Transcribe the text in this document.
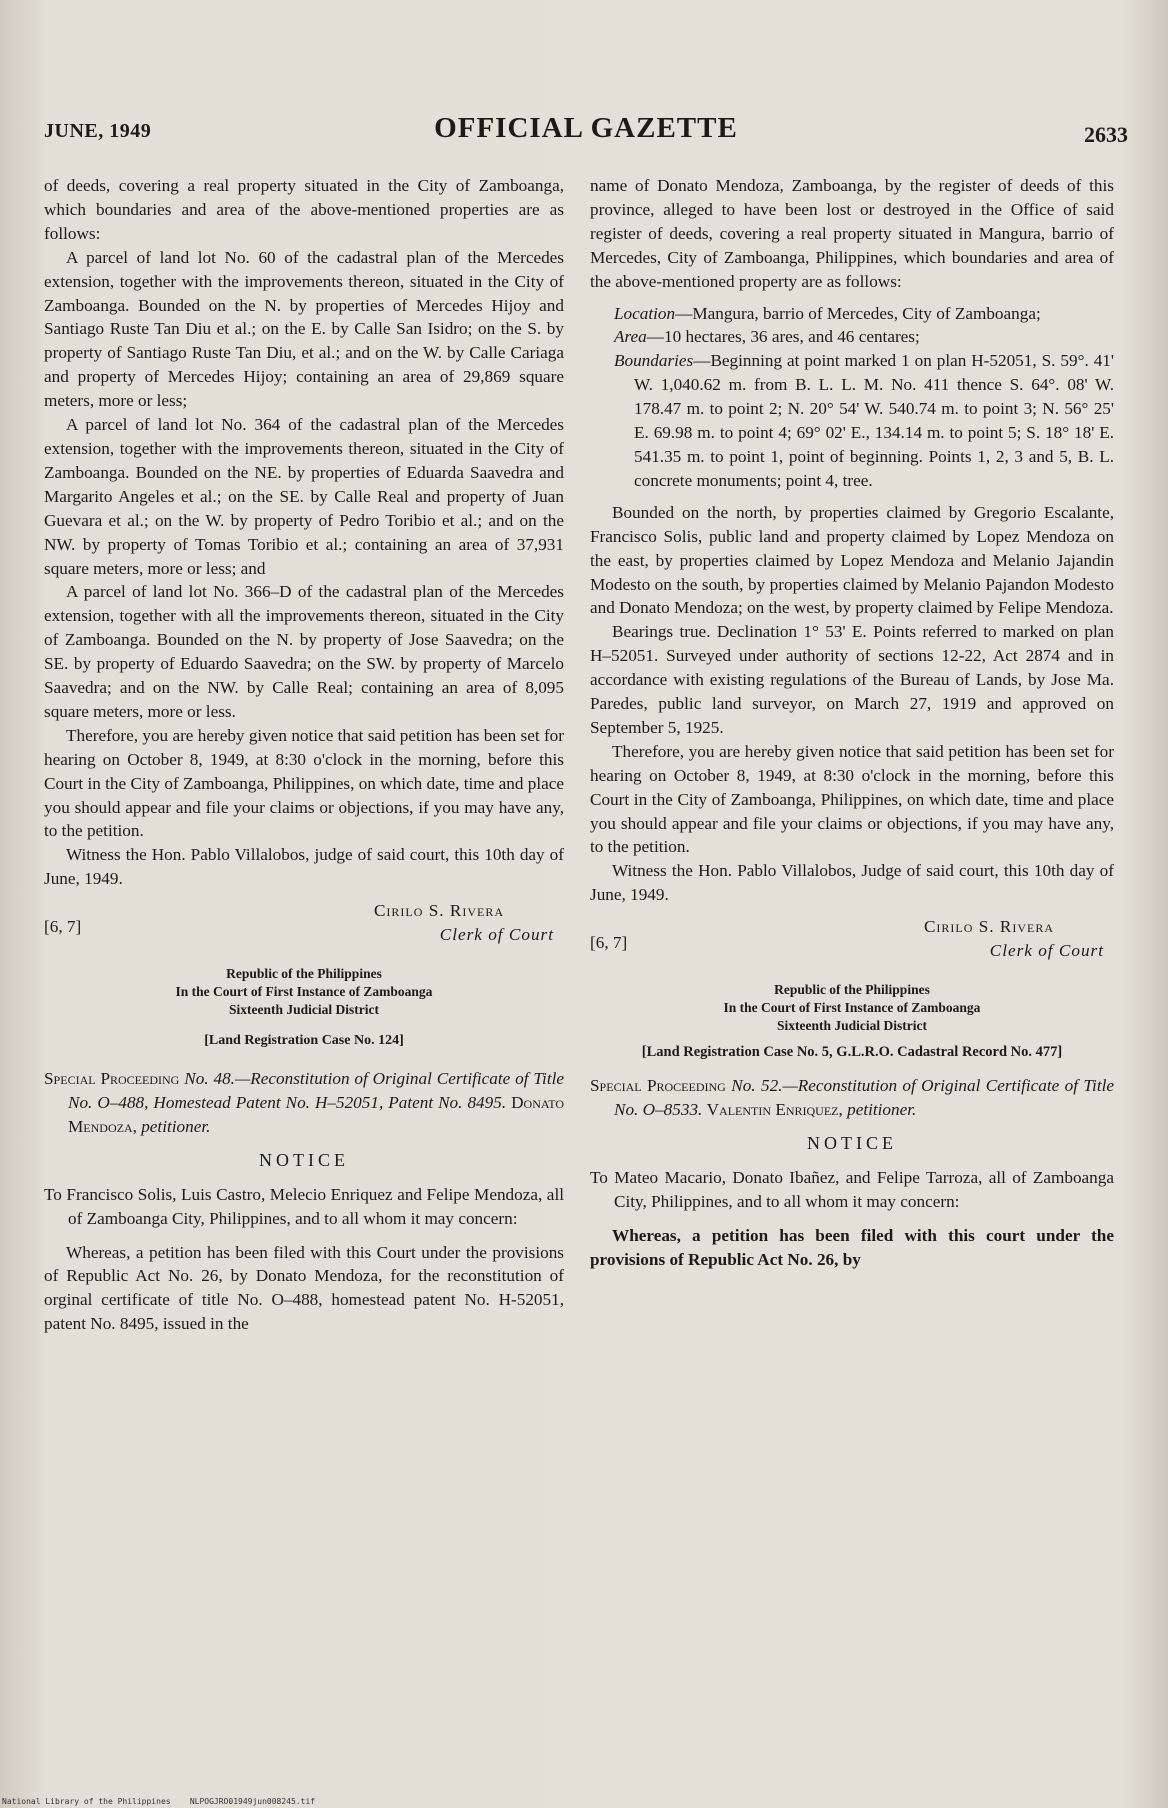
JUNE, 1949	OFFICIAL GAZETTE	2633

of deeds, covering a real property situated in the City of Zamboanga, which boundaries and area of the above-mentioned properties are as follows:

A parcel of land lot No. 60 of the cadastral plan of the Mercedes extension, together with the improvements thereon, situated in the City of Zamboanga. Bounded on the N. by properties of Mercedes Hijoy and Santiago Ruste Tan Diu et al.; on the E. by Calle San Isidro; on the S. by property of Santiago Ruste Tan Diu, et al.; and on the W. by Calle Cariaga and property of Mercedes Hijoy; containing an area of 29,869 square meters, more or less;

A parcel of land lot No. 364 of the cadastral plan of the Mercedes extension, together with the improvements thereon, situated in the City of Zamboanga. Bounded on the NE. by properties of Eduarda Saavedra and Margarito Angeles et al.; on the SE. by Calle Real and property of Juan Guevara et al.; on the W. by property of Pedro Toribio et al.; and on the NW. by property of Tomas Toribio et al.; containing an area of 37,931 square meters, more or less; and

A parcel of land lot No. 366–D of the cadastral plan of the Mercedes extension, together with all the improvements thereon, situated in the City of Zamboanga. Bounded on the N. by property of Jose Saavedra; on the SE. by property of Eduardo Saavedra; on the SW. by property of Marcelo Saavedra; and on the NW. by Calle Real; containing an area of 8,095 square meters, more or less.

Therefore, you are hereby given notice that said petition has been set for hearing on October 8, 1949, at 8:30 o'clock in the morning, before this Court in the City of Zamboanga, Philippines, on which date, time and place you should appear and file your claims or objections, if you may have any, to the petition.

Witness the Hon. Pablo Villalobos, judge of said court, this 10th day of June, 1949.

Cirilo S. Rivera
Clerk of Court
[6, 7]
Republic of the Philippines
In the Court of First Instance of Zamboanga
Sixteenth Judicial District
[Land Registration Case No. 124]

Special Proceeding No. 48.—Reconstitution of Original Certificate of Title No. O–488, Homestead Patent No. H–52051, Patent No. 8495. Donato Mendoza, petitioner.

NOTICE

To Francisco Solis, Luis Castro, Melecio Enriquez and Felipe Mendoza, all of Zamboanga City, Philippines, and to all whom it may concern:

Whereas, a petition has been filed with this Court under the provisions of Republic Act No. 26, by Donato Mendoza, for the reconstitution of orginal certificate of title No. O–488, homestead patent No. H-52051, patent No. 8495, issued in the

name of Donato Mendoza, Zamboanga, by the register of deeds of this province, alleged to have been lost or destroyed in the Office of said register of deeds, covering a real property situated in Mangura, barrio of Mercedes, City of Zamboanga, Philippines, which boundaries and area of the above-mentioned property are as follows:

Location—Mangura, barrio of Mercedes, City of Zamboanga;

Area—10 hectares, 36 ares, and 46 centares;

Boundaries—Beginning at point marked 1 on plan H-52051, S. 59°. 41' W. 1,040.62 m. from B. L. L. M. No. 411 thence S. 64°. 08' W. 178.47 m. to point 2; N. 20° 54' W. 540.74 m. to point 3; N. 56° 25' E. 69.98 m. to point 4; 69° 02' E., 134.14 m. to point 5; S. 18° 18' E. 541.35 m. to point 1, point of beginning. Points 1, 2, 3 and 5, B. L. concrete monuments; point 4, tree.

Bounded on the north, by properties claimed by Gregorio Escalante, Francisco Solis, public land and property claimed by Lopez Mendoza on the east, by properties claimed by Lopez Mendoza and Melanio Jajandin Modesto on the south, by properties claimed by Melanio Pajandon Modesto and Donato Mendoza; on the west, by property claimed by Felipe Mendoza.

Bearings true. Declination 1° 53' E. Points referred to marked on plan H–52051. Surveyed under authority of sections 12-22, Act 2874 and in accordance with existing regulations of the Bureau of Lands, by Jose Ma. Paredes, public land surveyor, on March 27, 1919 and approved on September 5, 1925.

Therefore, you are hereby given notice that said petition has been set for hearing on October 8, 1949, at 8:30 o'clock in the morning, before this Court in the City of Zamboanga, Philippines, on which date, time and place you should appear and file your claims or objections, if you may have any, to the petition.

Witness the Hon. Pablo Villalobos, Judge of said court, this 10th day of June, 1949.

Cirilo S. Rivera
Clerk of Court
[6, 7]
Republic of the Philippines
In the Court of First Instance of Zamboanga
Sixteenth Judicial District
[Land Registration Case No. 5, G.L.R.O. Cadastral Record No. 477]

Special Proceeding No. 52.—Reconstitution of Original Certificate of Title No. O–8533. Valentin Enriquez, petitioner.

NOTICE

To Mateo Macario, Donato Ibañez, and Felipe Tarroza, all of Zamboanga City, Philippines, and to all whom it may concern:

Whereas, a petition has been filed with this court under the provisions of Republic Act No. 26, by

National Library of the Philippines NLPOGJRO01949jun008245.tif
